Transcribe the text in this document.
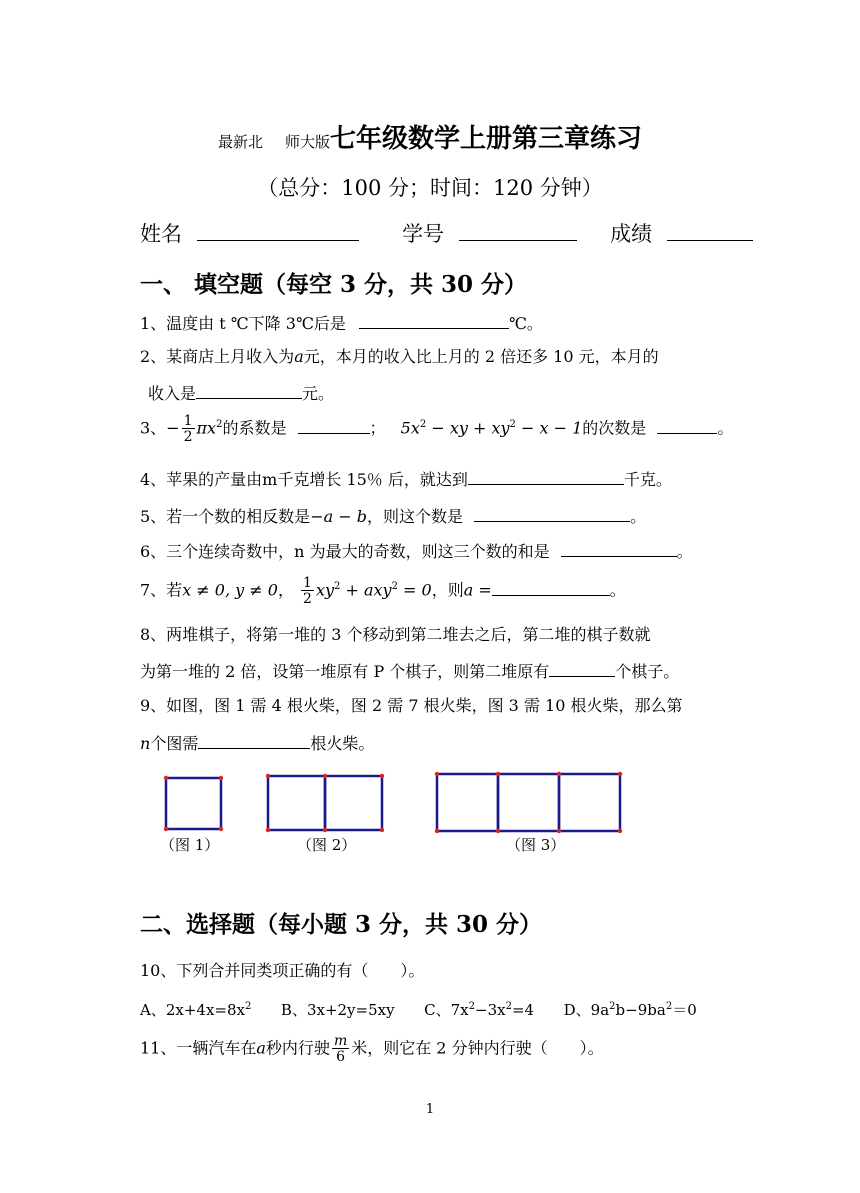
最新北 师大版七年级数学上册第三章练习
（总分：100 分；时间：120 分钟）
姓名	学号	成绩
一、 填空题（每空 3 分，共 30 分）
1、温度由 t ℃下降 3℃后是	℃。
2、某商店上月收入为a元，本月的收入比上月的 2 倍还多 10 元，本月的
收入是	元。
3、− $\frac{1}{2} \pi x^2$的系数是	； $5x^2$ − xy + $xy^2 - x - 1$的次数是	。
4、苹果的产量由m千克增长 15％ 后，就达到	千克。
5、若一个数的相反数是−a − b，则这个数是	。
6、三个连续奇数中，n 为最大的奇数，则这三个数的和是	。
7、若x ≠ 0, y ≠ 0， $\frac{1}{2} xy^2 + axy^2 = 0$，则a =	。
8、两堆棋子，将第一堆的 3 个移动到第二堆去之后，第二堆的棋子数就
为第一堆的 2 倍，设第一堆原有 P 个棋子，则第二堆原有	个棋子。
9、如图，图 1 需 4 根火柴，图 2 需 7 根火柴，图 3 需 10 根火柴，那么第
n个图需	根火柴。
（图 1）	（图 2）	（图 3）
二、选择题（每小题 3 分，共 30 分）
10、下列合并同类项正确的有（　　）。
A、$2x+4x=8x^2$ B、3x+2y=5xy C、$7x^2-3x^2=4$ D、$9a^2b-9ba^2=0$
11、一辆汽车在a秒内行驶 $\frac{m}{6}$ 米，则它在 2 分钟内行驶（　　）。
1
